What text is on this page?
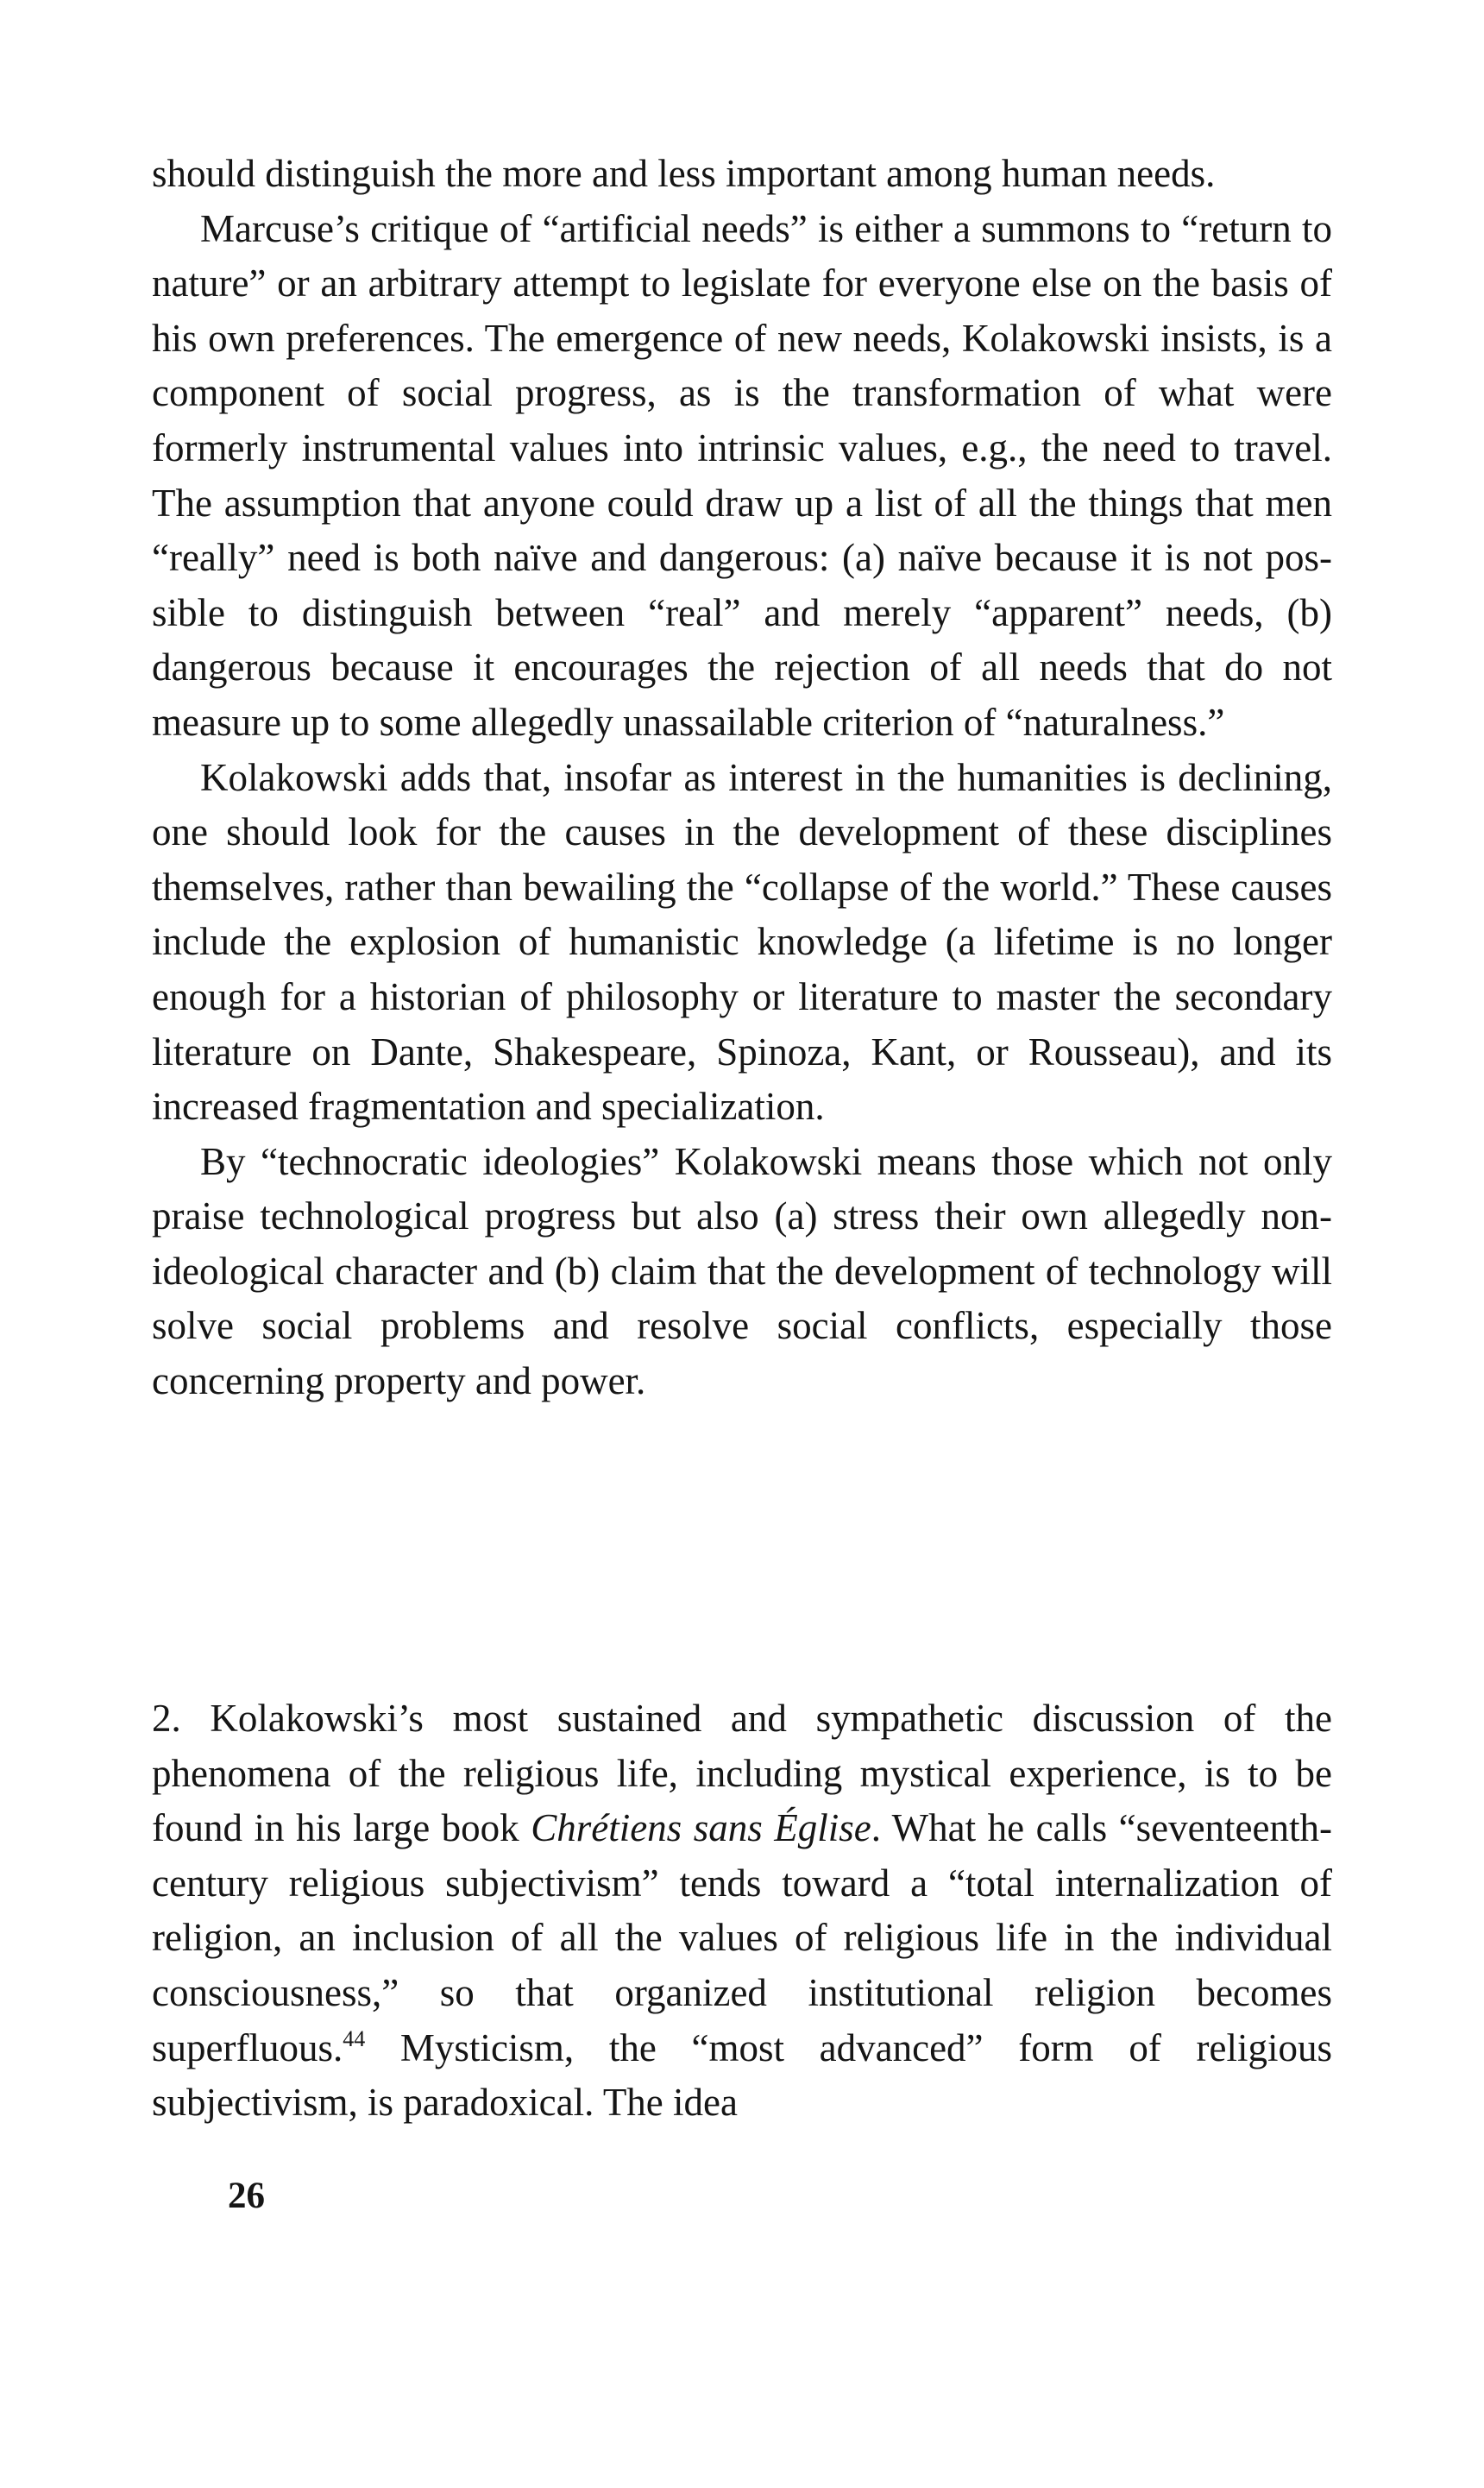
should distinguish the more and less important among human needs.

Marcuse’s critique of “artificial needs” is either a summons to “return to nature” or an arbitrary attempt to legislate for everyone else on the basis of his own preferences. The emergence of new needs, Kolakowski insists, is a component of social progress, as is the transformation of what were formerly instrumental values into intrinsic values, e.g., the need to travel. The assumption that anyone could draw up a list of all the things that men “really” need is both naïve and dangerous: (a) naïve because it is not possible to distinguish between “real” and merely “apparent” needs, (b) dangerous because it encourages the rejection of all needs that do not measure up to some allegedly unassailable criterion of “naturalness.”

Kolakowski adds that, insofar as interest in the humanities is declining, one should look for the causes in the development of these disciplines themselves, rather than bewailing the “collapse of the world.” These causes include the explosion of humanistic knowledge (a lifetime is no longer enough for a historian of philosophy or literature to master the secondary literature on Dante, Shakespeare, Spinoza, Kant, or Rousseau), and its increased fragmentation and specialization.

By “technocratic ideologies” Kolakowski means those which not only praise technological progress but also (a) stress their own allegedly non-ideological character and (b) claim that the development of technology will solve social problems and resolve social conflicts, especially those concerning property and power.

2. Kolakowski’s most sustained and sympathetic discussion of the phenomena of the religious life, including mystical experience, is to be found in his large book Chrétiens sans Église. What he calls “seventeenth-century religious subjectivism” tends toward a “total internalization of religion, an inclusion of all the values of religious life in the individual consciousness,” so that organized institutional religion becomes superfluous.$^{44}$ Mysticism, the “most advanced” form of religious subjectivism, is paradoxical. The idea

26
